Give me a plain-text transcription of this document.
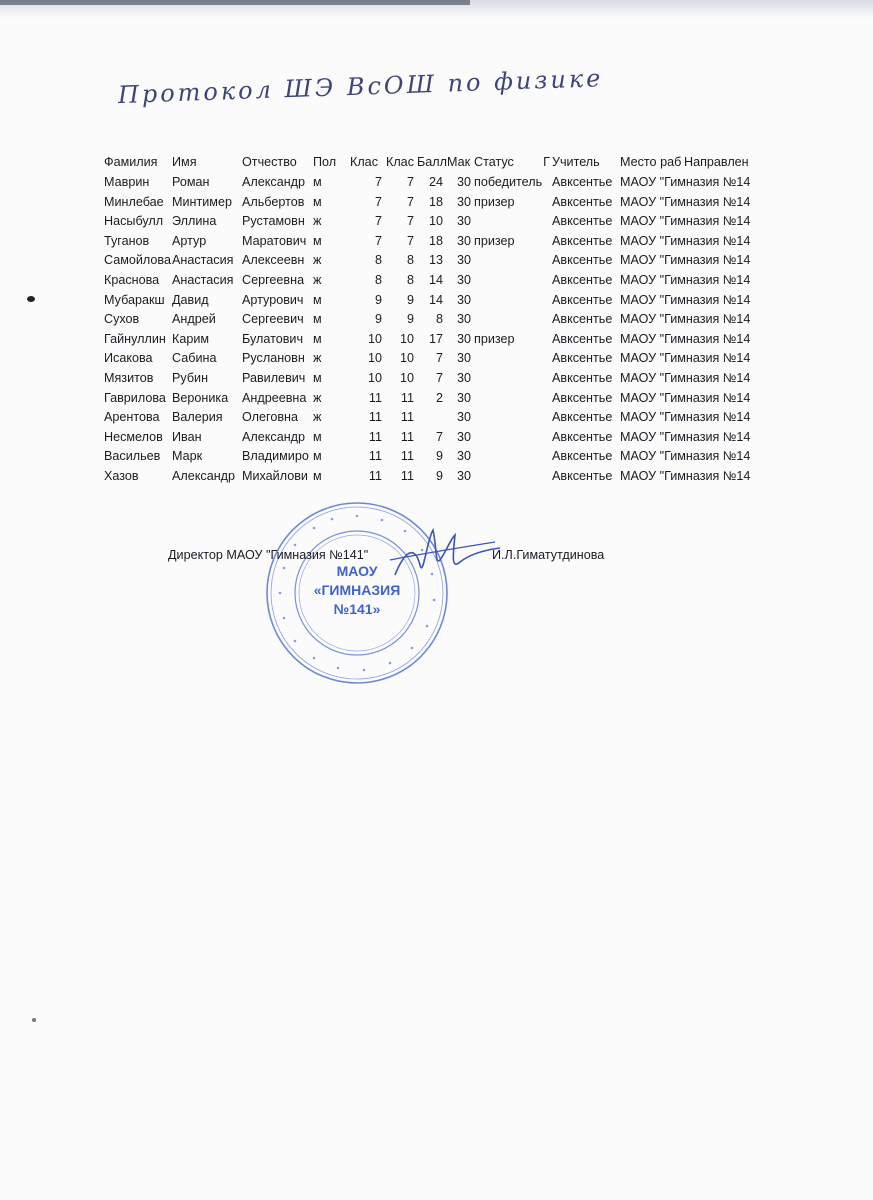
Протокол ШЭ ВсОШ по физике
Фамилия	Имя	Отчество	Пол Клас Клас Балл Мак Статус	Г Учитель	Место раб Направлен
Маврин	Роман	Александр м	7	7	24	30 победитель Авксентье МАОУ "Гимназия №14
Минлебае Минтимер Альбертов м	7	7	18	30 призер	Авксентье МАОУ "Гимназия №14
Насыбулл Эллина	Рустамовн ж	7	7	10	30	Авксентье МАОУ "Гимназия №14
Туганов	Артур	Маратович м	7	7	18	30 призер	Авксентье МАОУ "Гимназия №14
Самойлова Анастасия Алексеевн ж	8	8	13	30	Авксентье МАОУ "Гимназия №14
Краснова	Анастасия Сергеевна ж	8	8	14	30	Авксентье МАОУ "Гимназия №14
Мубаракш Давид	Артурович м	9	9	14	30	Авксентье МАОУ "Гимназия №14
Сухов	Андрей	Сергеевич м	9	9	8	30	Авксентье МАОУ "Гимназия №14
Гайнуллин Карим	Булатович м	10	10	17	30 призер	Авксентье МАОУ "Гимназия №14
Исакова	Сабина	Руслановн ж	10	10	7	30	Авксентье МАОУ "Гимназия №14
Мязитов	Рубин	Равилевич м	10	10	7	30	Авксентье МАОУ "Гимназия №14
Гаврилова Вероника	Андреевна ж	11	11	2	30	Авксентье МАОУ "Гимназия №14
Арентова Валерия	Олеговна	ж	11	11	30	Авксентье МАОУ "Гимназия №14
Несмелов Иван	Александр м	11	11	7	30	Авксентье МАОУ "Гимназия №14
Васильев Марк	Владимиро м	11	11	9	30	Авксентье МАОУ "Гимназия №14
Хазов	Александр Михайлови м	11	11	9	30	Авксентье МАОУ "Гимназия №14
МАОУ
«ГИМНАЗИЯ
№141»
Директор МАОУ "Гимназия №141"	И.Л.Гиматутдинова
